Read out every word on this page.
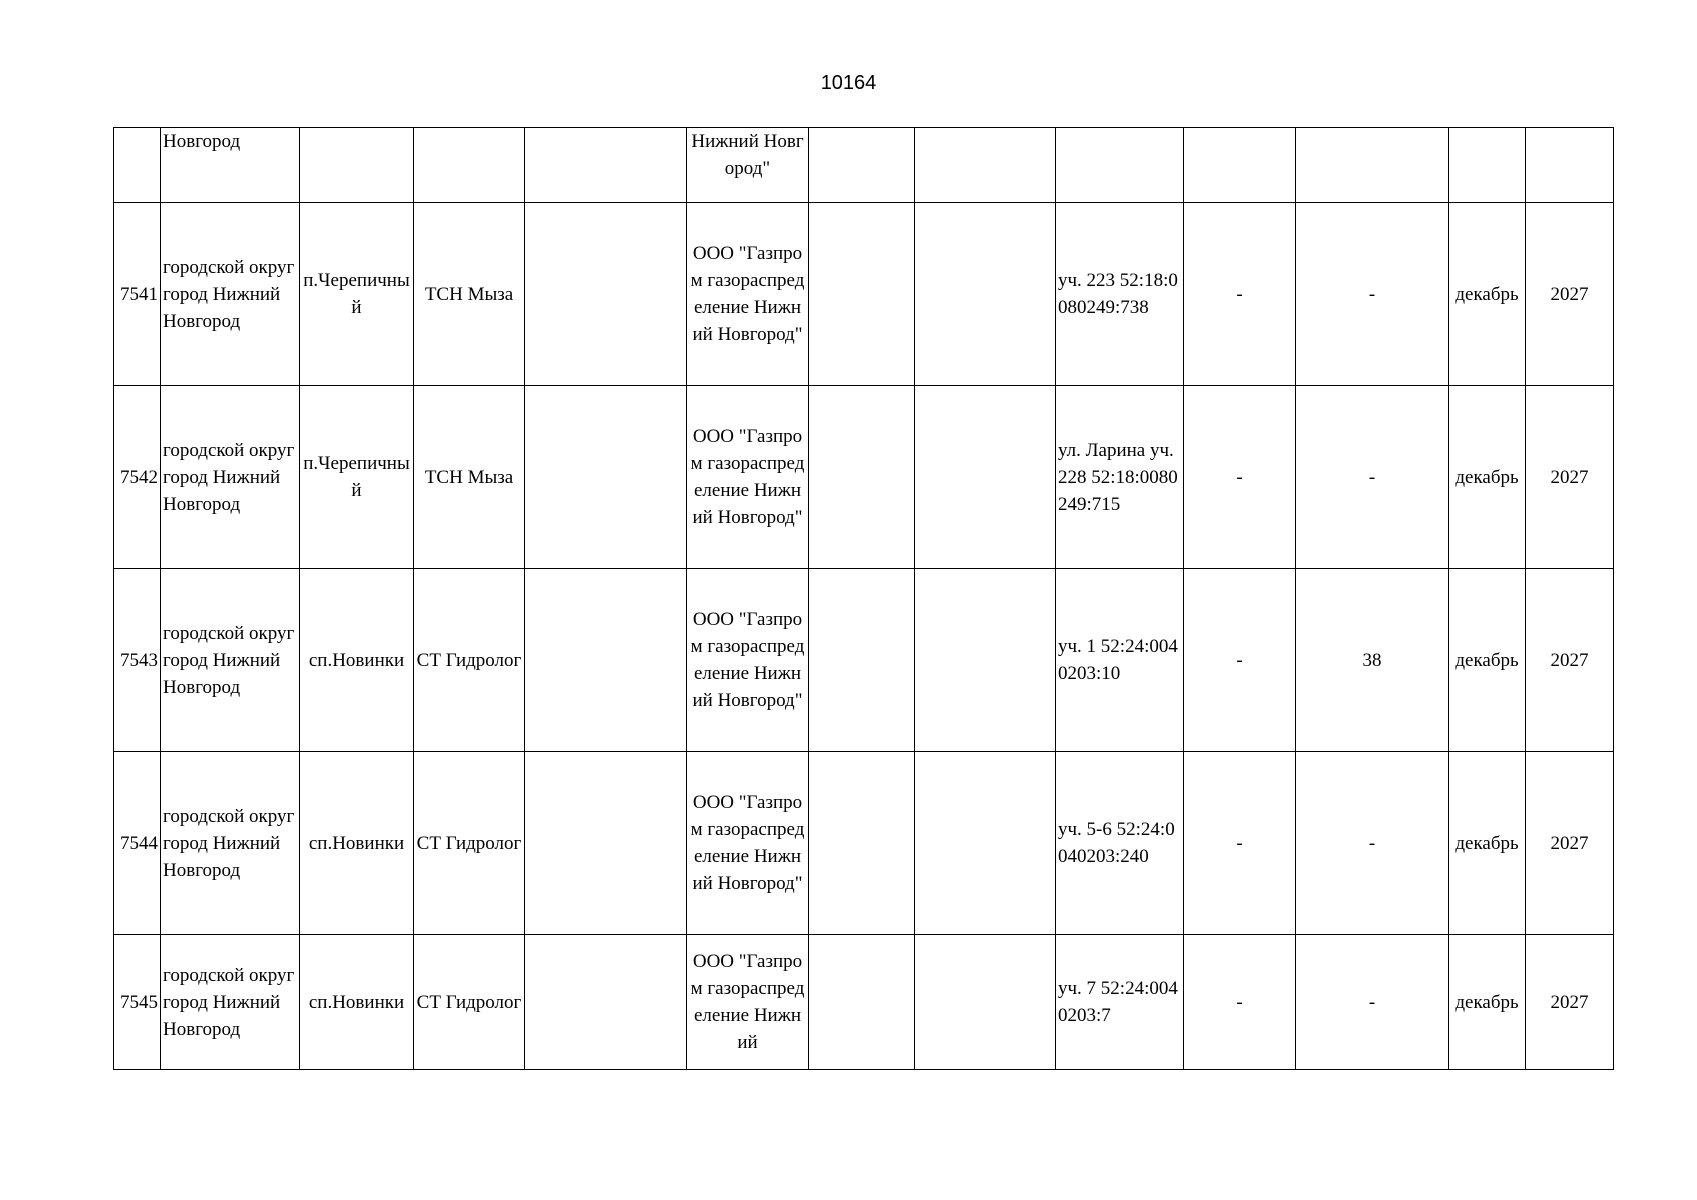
10164
	Новгород				Нижний Новгород"							
7541	городской округ город Нижний Новгород	п.Черепичный	ТСН Мыза		ООО "Газпром газораспределение Нижний Новгород"			уч. 223 52:18:0080249:738	-	-	декабрь	2027
7542	городской округ город Нижний Новгород	п.Черепичный	ТСН Мыза		ООО "Газпром газораспределение Нижний Новгород"			ул. Ларина уч. 228 52:18:0080249:715	-	-	декабрь	2027
7543	городской округ город Нижний Новгород	сп.Новинки	СТ Гидролог		ООО "Газпром газораспределение Нижний Новгород"			уч. 1 52:24:0040203:10	-	38	декабрь	2027
7544	городской округ город Нижний Новгород	сп.Новинки	СТ Гидролог		ООО "Газпром газораспределение Нижний Новгород"			уч. 5-6 52:24:0040203:240	-	-	декабрь	2027
7545	городской округ город Нижний Новгород	сп.Новинки	СТ Гидролог		ООО "Газпром газораспределение Нижний			уч. 7 52:24:0040203:7	-	-	декабрь	2027
